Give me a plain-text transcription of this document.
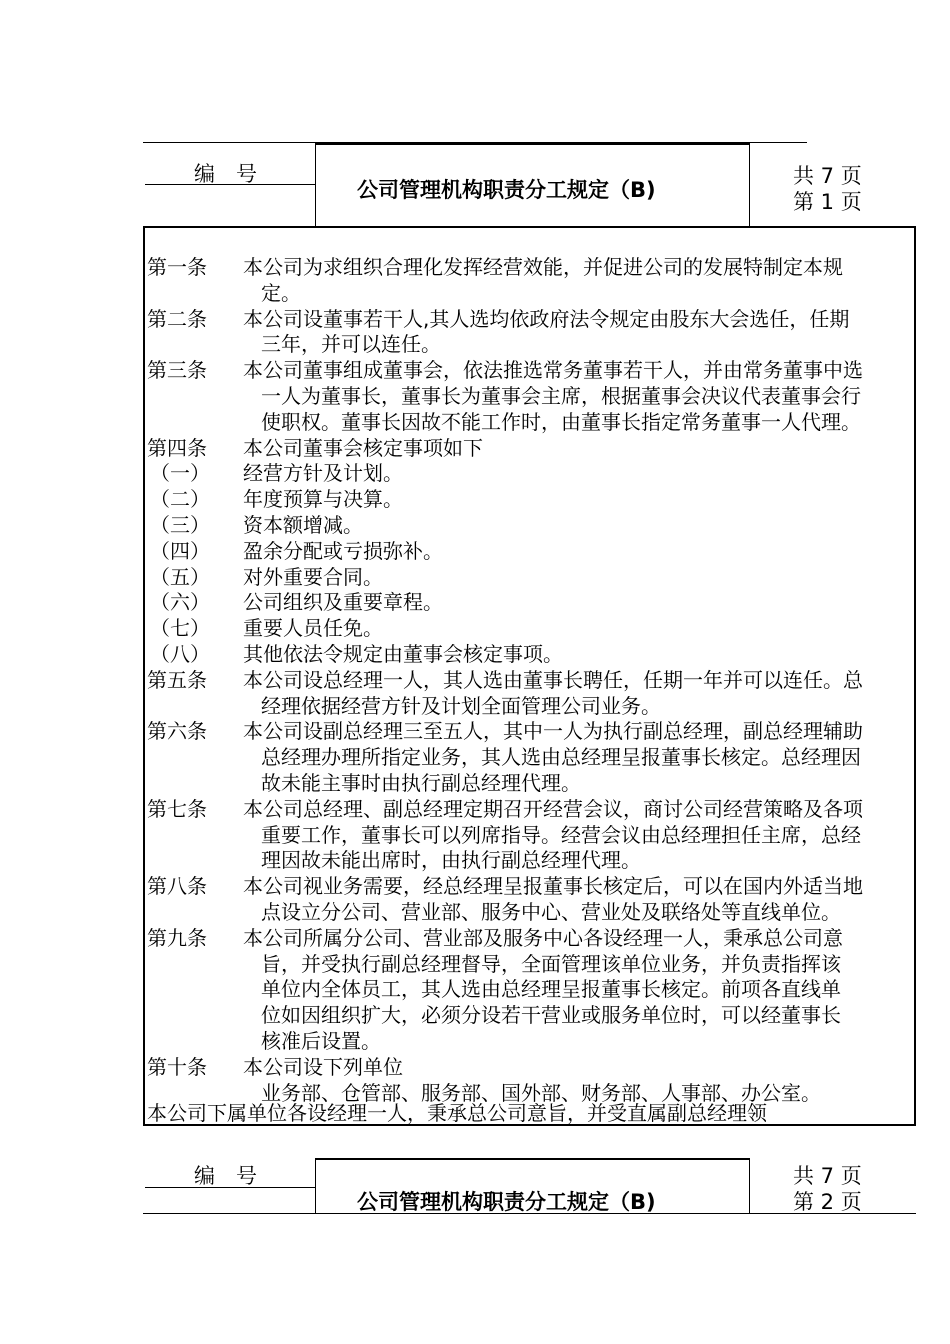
编　号
公司管理机构职责分工规定（B)
共 7 页
第 1 页
第一条 本公司为求组织合理化发挥经营效能，并促进公司的发展特制定本规
定。
第二条 本公司设董事若干人,其人选均依政府法令规定由股东大会选任，任期
三年，并可以连任。
第三条 本公司董事组成董事会，依法推选常务董事若干人，并由常务董事中选
一人为董事长，董事长为董事会主席，根据董事会决议代表董事会行
使职权。董事长因故不能工作时，由董事长指定常务董事一人代理。
第四条 本公司董事会核定事项如下
（一） 经营方针及计划。
（二） 年度预算与决算。
（三） 资本额增减。
（四） 盈余分配或亏损弥补。
（五） 对外重要合同。
（六） 公司组织及重要章程。
（七） 重要人员任免。
（八） 其他依法令规定由董事会核定事项。
第五条 本公司设总经理一人，其人选由董事长聘任，任期一年并可以连任。总
经理依据经营方针及计划全面管理公司业务。
第六条 本公司设副总经理三至五人，其中一人为执行副总经理，副总经理辅助
总经理办理所指定业务，其人选由总经理呈报董事长核定。总经理因
故未能主事时由执行副总经理代理。
第七条 本公司总经理、副总经理定期召开经营会议，商讨公司经营策略及各项
重要工作，董事长可以列席指导。经营会议由总经理担任主席，总经
理因故未能出席时，由执行副总经理代理。
第八条 本公司视业务需要，经总经理呈报董事长核定后，可以在国内外适当地
点设立分公司、营业部、服务中心、营业处及联络处等直线单位。
第九条 本公司所属分公司、营业部及服务中心各设经理一人，秉承总公司意
旨，并受执行副总经理督导，全面管理该单位业务，并负责指挥该
单位内全体员工，其人选由总经理呈报董事长核定。前项各直线单
位如因组织扩大，必须分设若干营业或服务单位时，可以经董事长
核准后设置。
第十条 本公司设下列单位
业务部、仓管部、服务部、国外部、财务部、人事部、办公室。
本公司下属单位各设经理一人，秉承总公司意旨，并受直属副总经理领
编　号
公司管理机构职责分工规定（B)
共 7 页
第 2 页
